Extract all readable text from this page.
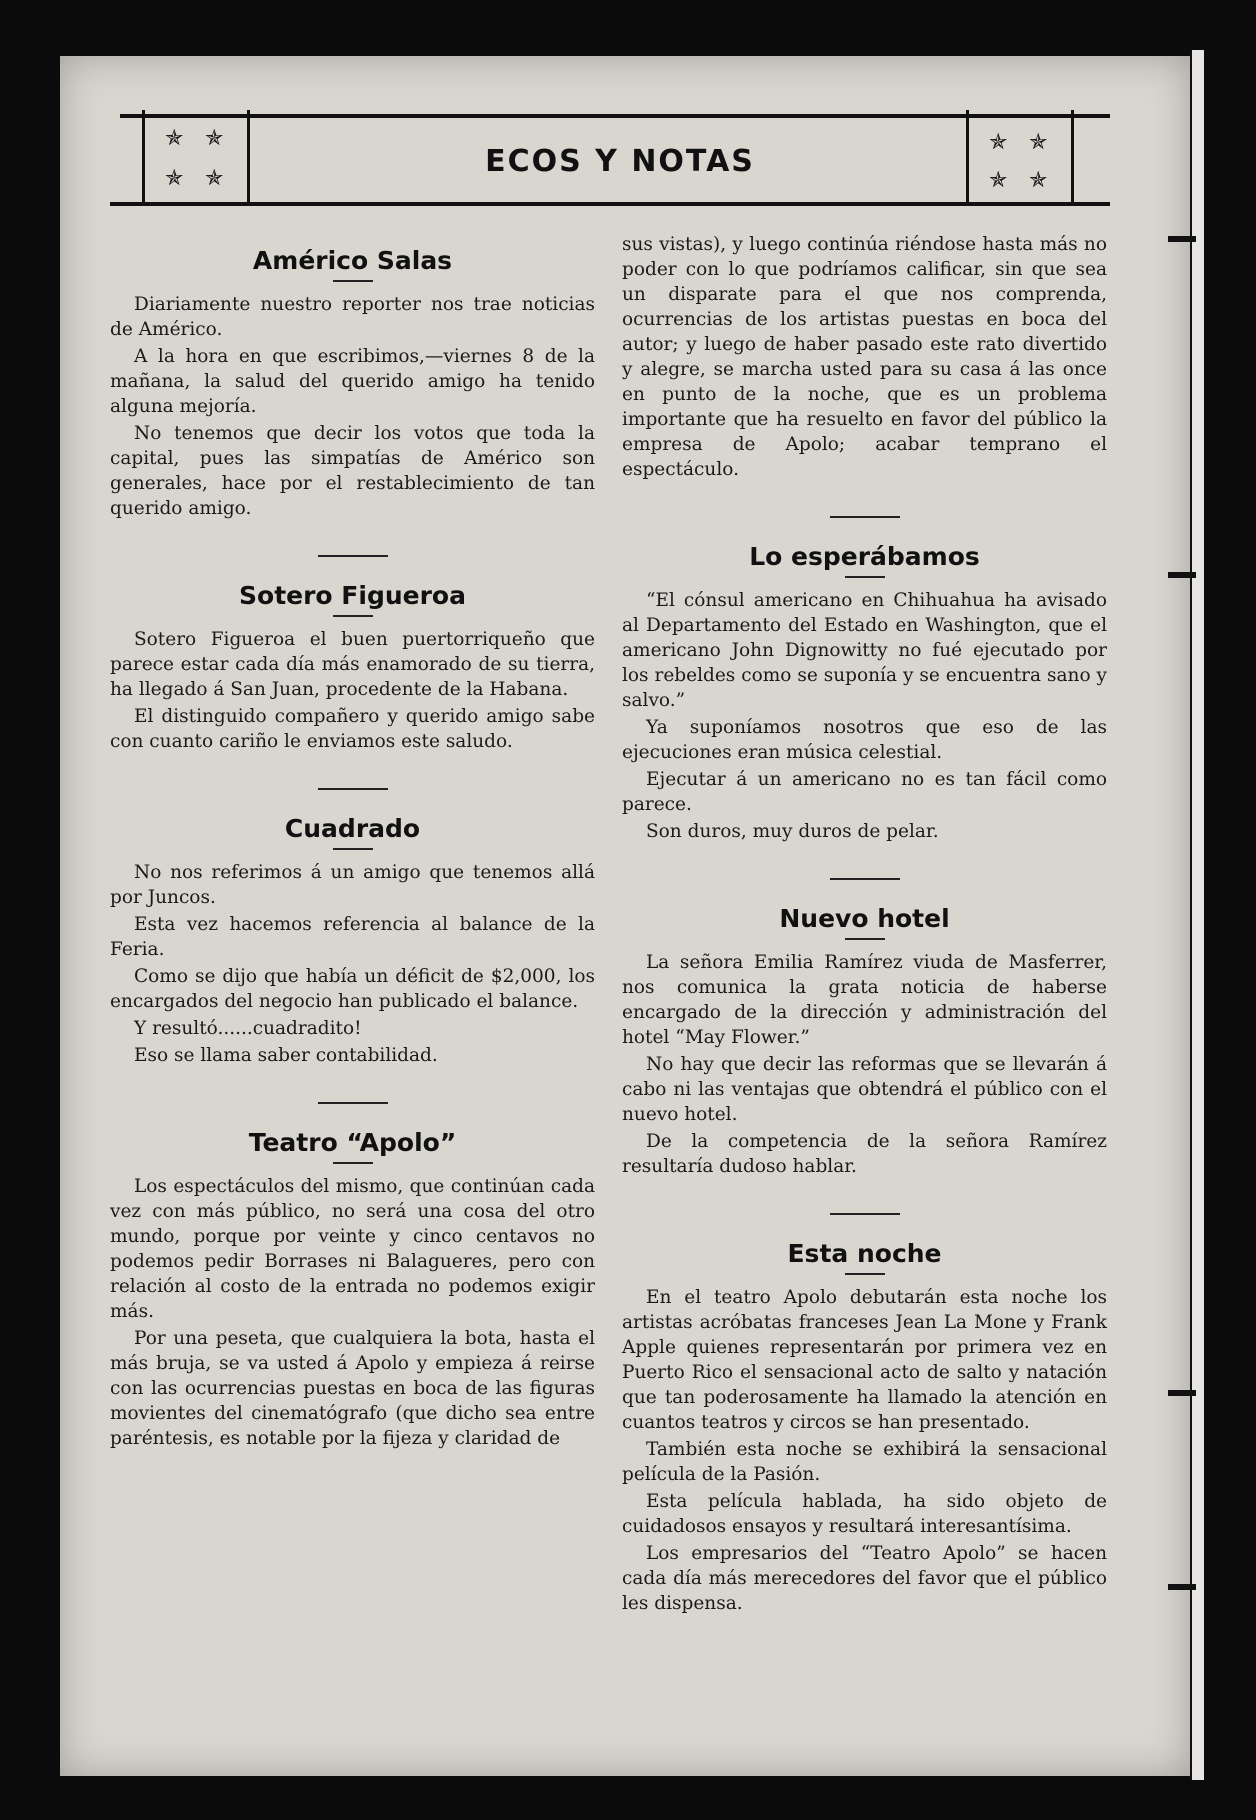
✯ ✯
✯ ✯	ECOS Y NOTAS
✯ ✯
✯ ✯
Américo Salas

Diariamente nuestro reporter nos trae noticias de Américo.

A la hora en que escribimos,—viernes 8 de la mañana, la salud del querido amigo ha tenido alguna mejoría.

No tenemos que decir los votos que toda la capital, pues las simpatías de Américo son generales, hace por el restablecimiento de tan querido amigo.

Sotero Figueroa

Sotero Figueroa el buen puertorriqueño que parece estar cada día más enamorado de su tierra, ha llegado á San Juan, procedente de la Habana.

El distinguido compañero y querido amigo sabe con cuanto cariño le enviamos este saludo.

Cuadrado

No nos referimos á un amigo que tenemos allá por Juncos.

Esta vez hacemos referencia al balance de la Feria.

Como se dijo que había un déficit de $2,000, los encargados del negocio han publicado el balance.

Y resultó......cuadradito!

Eso se llama saber contabilidad.

Teatro “Apolo”

Los espectáculos del mismo, que continúan cada vez con más público, no será una cosa del otro mundo, porque por veinte y cinco centavos no podemos pedir Borrases ni Balagueres, pero con relación al costo de la entrada no podemos exigir más.

Por una peseta, que cualquiera la bota, hasta el más bruja, se va usted á Apolo y empieza á reirse con las ocurrencias puestas en boca de las figuras movientes del cinematógrafo (que dicho sea entre paréntesis, es notable por la fijeza y claridad de

sus vistas), y luego continúa riéndose hasta más no poder con lo que podríamos calificar, sin que sea un disparate para el que nos comprenda, ocurrencias de los artistas puestas en boca del autor; y luego de haber pasado este rato divertido y alegre, se marcha usted para su casa á las once en punto de la noche, que es un problema importante que ha resuelto en favor del público la empresa de Apolo; acabar temprano el espectáculo.

Lo esperábamos

“El cónsul americano en Chihuahua ha avisado al Departamento del Estado en Washington, que el americano John Dignowitty no fué ejecutado por los rebeldes como se suponía y se encuentra sano y salvo.”

Ya suponíamos nosotros que eso de las ejecuciones eran música celestial.

Ejecutar á un americano no es tan fácil como parece.

Son duros, muy duros de pelar.

Nuevo hotel

La señora Emilia Ramírez viuda de Masferrer, nos comunica la grata noticia de haberse encargado de la dirección y administración del hotel “May Flower.”

No hay que decir las reformas que se llevarán á cabo ni las ventajas que obtendrá el público con el nuevo hotel.

De la competencia de la señora Ramírez resultaría dudoso hablar.

Esta noche

En el teatro Apolo debutarán esta noche los artistas acróbatas franceses Jean La Mone y Frank Apple quienes representarán por primera vez en Puerto Rico el sensacional acto de salto y natación que tan poderosamente ha llamado la atención en cuantos teatros y circos se han presentado.

También esta noche se exhibirá la sensacional película de la Pasión.

Esta película hablada, ha sido objeto de cuidadosos ensayos y resultará interesantísima.

Los empresarios del “Teatro Apolo” se hacen cada día más merecedores del favor que el público les dispensa.
